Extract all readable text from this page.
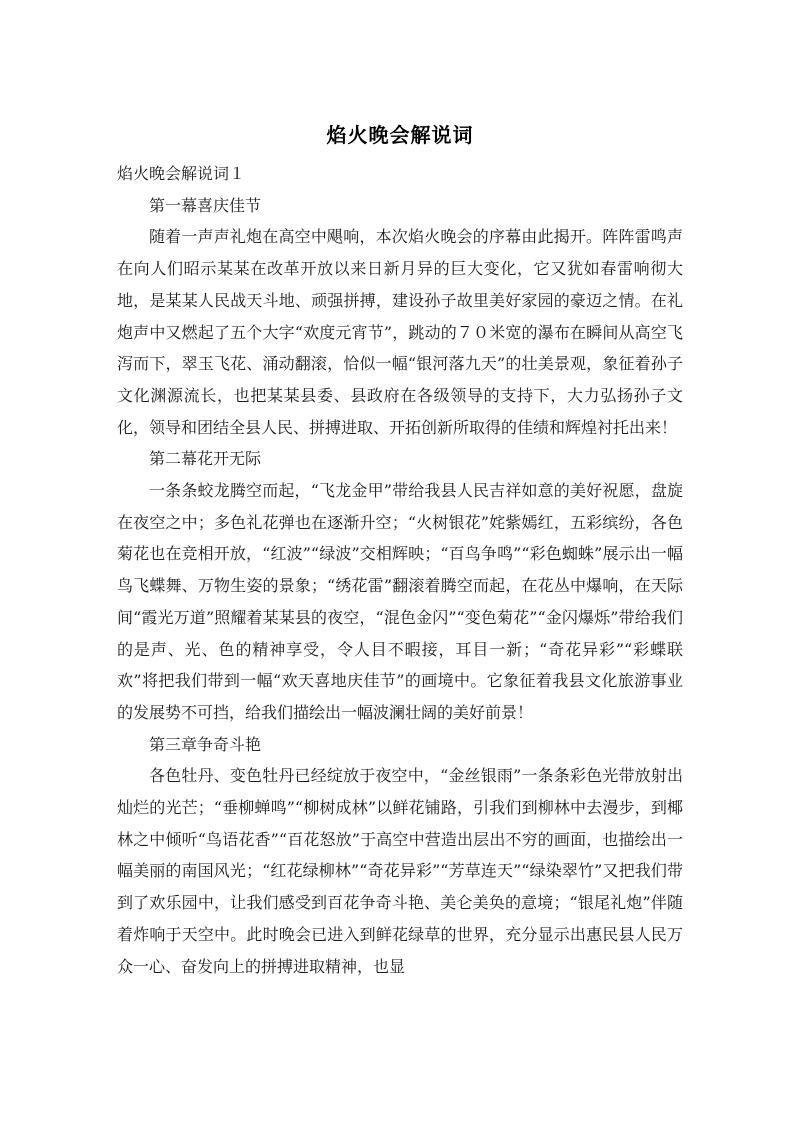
焰火晚会解说词

焰火晚会解说词１

第一幕喜庆佳节

随着一声声礼炮在高空中飓响，本次焰火晚会的序幕由此揭开。阵阵雷鸣声在向人们昭示某某在改革开放以来日新月异的巨大变化，它又犹如春雷响彻大地，是某某人民战天斗地、顽强拼搏，建设孙子故里美好家园的豪迈之情。在礼炮声中又燃起了五个大字“欢度元宵节”，跳动的７０米宽的瀑布在瞬间从高空飞泻而下，翠玉飞花、涌动翻滚，恰似一幅“银河落九天”的壮美景观，象征着孙子文化渊源流长，也把某某县委、县政府在各级领导的支持下，大力弘扬孙子文化，领导和团结全县人民、拼搏进取、开拓创新所取得的佳绩和辉煌衬托出来！

第二幕花开无际

一条条蛟龙腾空而起，“飞龙金甲”带给我县人民吉祥如意的美好祝愿，盘旋在夜空之中；多色礼花弹也在逐渐升空；“火树银花”姹紫嫣红，五彩缤纷，各色菊花也在竞相开放，“红波”“绿波”交相辉映；“百鸟争鸣”“彩色蜘蛛”展示出一幅鸟飞蝶舞、万物生姿的景象；“绣花雷”翻滚着腾空而起，在花丛中爆响，在天际间“霞光万道”照耀着某某县的夜空，“混色金闪”“变色菊花”“金闪爆烁”带给我们的是声、光、色的精神享受，令人目不暇接，耳目一新；“奇花异彩”“彩蝶联欢”将把我们带到一幅“欢天喜地庆佳节”的画境中。它象征着我县文化旅游事业的发展势不可挡，给我们描绘出一幅波澜壮阔的美好前景！

第三章争奇斗艳

各色牡丹、变色牡丹已经绽放于夜空中，“金丝银雨”一条条彩色光带放射出灿烂的光芒；“垂柳蝉鸣”“柳树成林”以鲜花铺路，引我们到柳林中去漫步，到椰林之中倾听“鸟语花香”“百花怒放”于高空中营造出层出不穷的画面，也描绘出一幅美丽的南国风光；“红花绿柳林”“奇花异彩”“芳草连天”“绿染翠竹”又把我们带到了欢乐园中，让我们感受到百花争奇斗艳、美仑美奂的意境；“银尾礼炮”伴随着炸响于天空中。此时晚会已进入到鲜花绿草的世界，充分显示出惠民县人民万众一心、奋发向上的拼搏进取精神，也显
